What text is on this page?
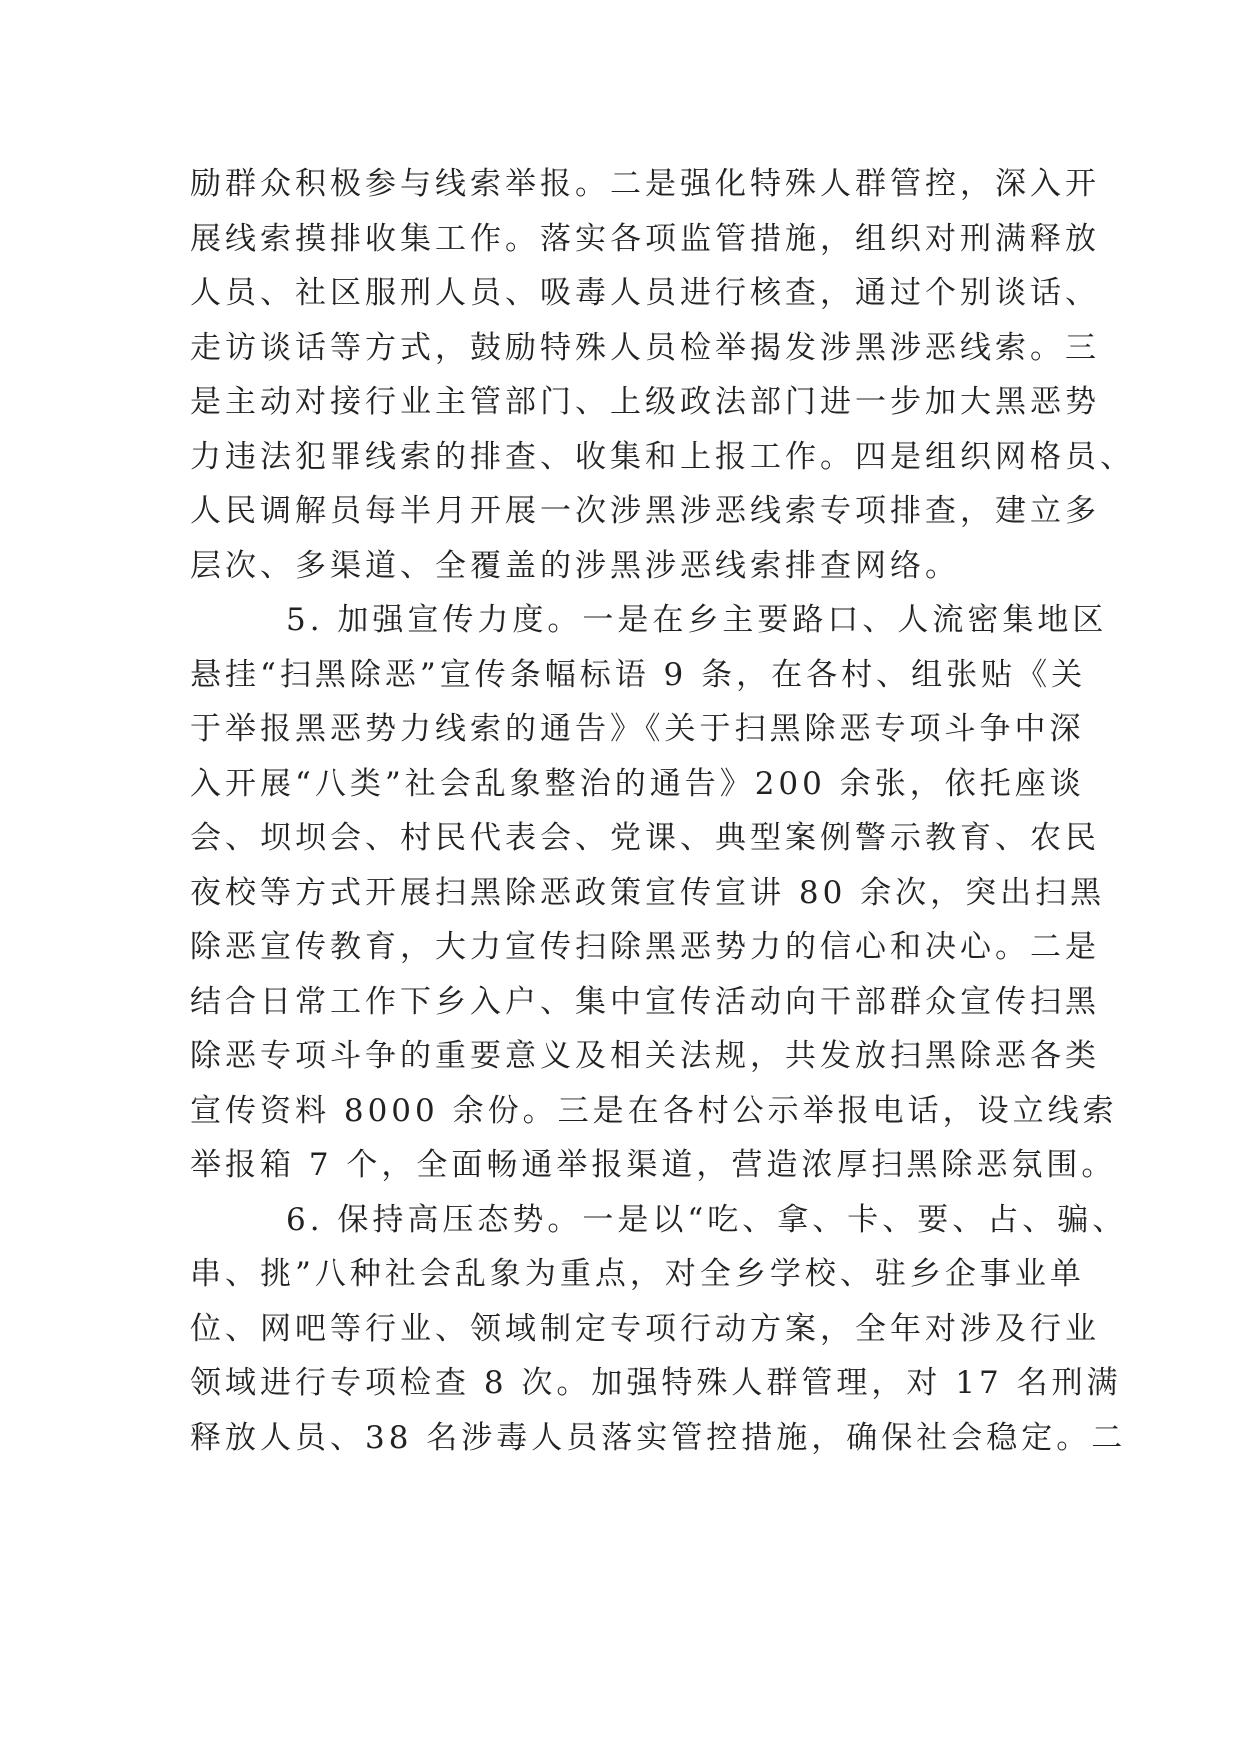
励群众积极参与线索举报。二是强化特殊人群管控，深入开
展线索摸排收集工作。落实各项监管措施，组织对刑满释放
人员、社区服刑人员、吸毒人员进行核查，通过个别谈话、
走访谈话等方式，鼓励特殊人员检举揭发涉黑涉恶线索。三
是主动对接行业主管部门、上级政法部门进一步加大黑恶势
力违法犯罪线索的排查、收集和上报工作。四是组织网格员、
人民调解员每半月开展一次涉黑涉恶线索专项排查，建立多
层次、多渠道、全覆盖的涉黑涉恶线索排查网络。
5. 加强宣传力度。一是在乡主要路口、人流密集地区
悬挂“扫黑除恶”宣传条幅标语 9 条，在各村、组张贴《关
于举报黑恶势力线索的通告》《关于扫黑除恶专项斗争中深
入开展“八类”社会乱象整治的通告》200 余张，依托座谈
会、坝坝会、村民代表会、党课、典型案例警示教育、农民
夜校等方式开展扫黑除恶政策宣传宣讲 80 余次，突出扫黑
除恶宣传教育，大力宣传扫除黑恶势力的信心和决心。二是
结合日常工作下乡入户、集中宣传活动向干部群众宣传扫黑
除恶专项斗争的重要意义及相关法规，共发放扫黑除恶各类
宣传资料 8000 余份。三是在各村公示举报电话，设立线索
举报箱 7 个，全面畅通举报渠道，营造浓厚扫黑除恶氛围。
6. 保持高压态势。一是以“吃、拿、卡、要、占、骗、
串、挑”八种社会乱象为重点，对全乡学校、驻乡企事业单
位、网吧等行业、领域制定专项行动方案，全年对涉及行业
领域进行专项检查 8 次。加强特殊人群管理，对 17 名刑满
释放人员、38 名涉毒人员落实管控措施，确保社会稳定。二
